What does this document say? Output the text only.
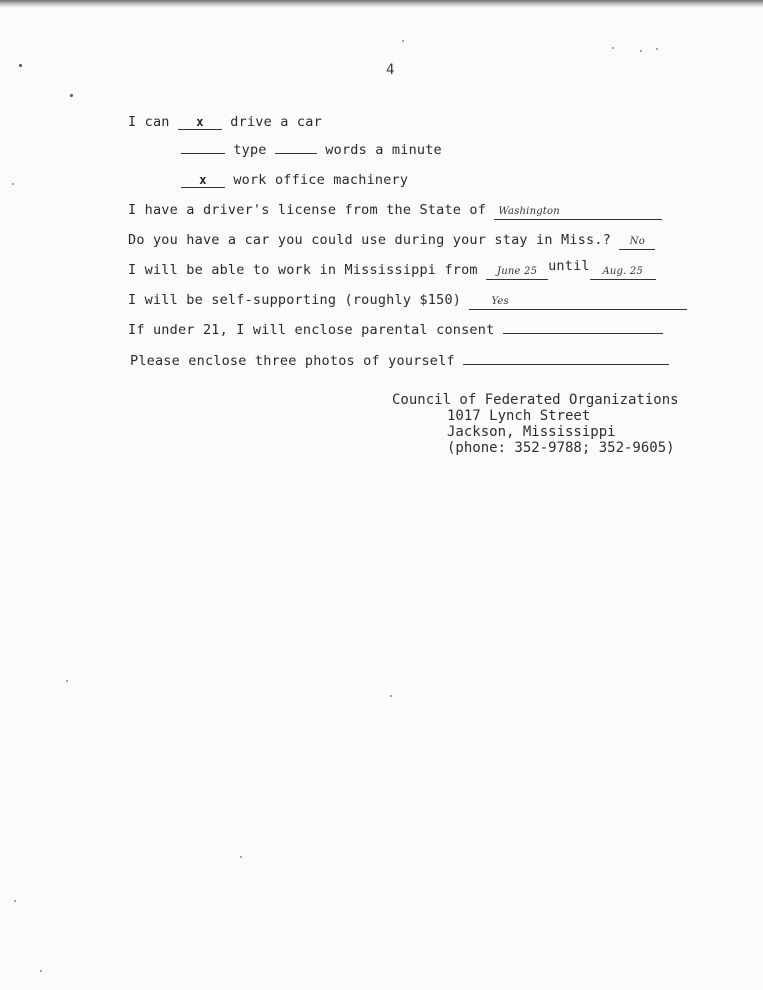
4
I can x drive a car
type	words a minute
x work office machinery
I have a driver's license from the State of Washington
Do you have a car you could use during your stay in Miss.? No
I will be able to work in Mississippi from June 25 until Aug. 25
I will be self-supporting (roughly $150)	Yes
If under 21, I will enclose parental consent
Please enclose three photos of yourself
Council of Federated Organizations
1017 Lynch Street
Jackson, Mississippi
(phone: 352-9788; 352-9605)
